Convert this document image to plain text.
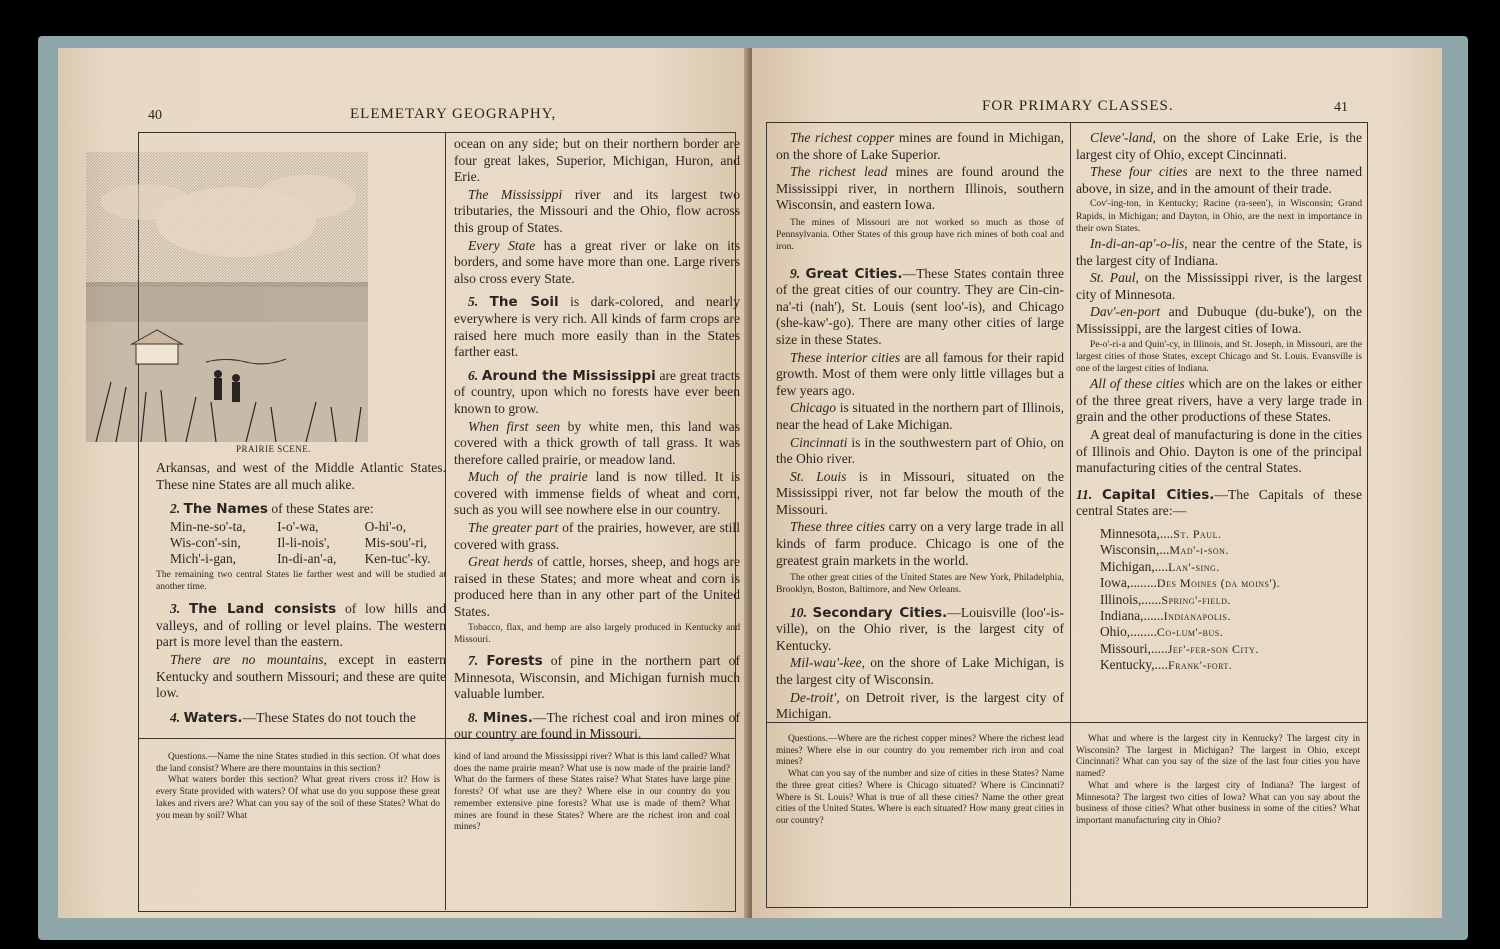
40	ELEMETARY GEOGRAPHY,
PRAIRIE SCENE.

Arkansas, and west of the Middle Atlantic States. These nine States are all much alike.

2. The Names of these States are:

Min-ne-so'-ta,	I-o'-wa,	O-hi'-o,
Wis-con'-sin,	Il-li-nois',	Mis-sou'-ri,
Mich'-i-gan,	In-di-an'-a,	Ken-tuc'-ky.

The remaining two central States lie farther west and will be studied at another time.

3. The Land consists of low hills and valleys, and of rolling or level plains. The western part is more level than the eastern.

There are no mountains, except in eastern Kentucky and southern Missouri; and these are quite low.

4. Waters.—These States do not touch the

ocean on any side; but on their northern border are four great lakes, Superior, Michigan, Huron, and Erie.

The Mississippi river and its largest two tributaries, the Missouri and the Ohio, flow across this group of States.

Every State has a great river or lake on its borders, and some have more than one. Large rivers also cross every State.

5. The Soil is dark-colored, and nearly everywhere is very rich. All kinds of farm crops are raised here much more easily than in the States farther east.

6. Around the Mississippi are great tracts of country, upon which no forests have ever been known to grow.

When first seen by white men, this land was covered with a thick growth of tall grass. It was therefore called prairie, or meadow land.

Much of the prairie land is now tilled. It is covered with immense fields of wheat and corn, such as you will see nowhere else in our country.

The greater part of the prairies, however, are still covered with grass.

Great herds of cattle, horses, sheep, and hogs are raised in these States; and more wheat and corn is produced here than in any other part of the United States.

Tobacco, flax, and hemp are also largely produced in Kentucky and Missouri.

7. Forests of pine in the northern part of Minnesota, Wisconsin, and Michigan furnish much valuable lumber.

8. Mines.—The richest coal and iron mines of our country are found in Missouri.

Questions.—Name the nine States studied in this section. Of what does the land consist? Where are there mountains in this section?

What waters border this section? What great rivers cross it? How is every State provided with waters? Of what use do you suppose these great lakes and rivers are? What can you say of the soil of these States? What do you mean by soil? What

kind of land around the Mississippi river? What is this land called? What does the name prairie mean? What use is now made of the prairie land? What do the farmers of these States raise? What States have large pine forests? Of what use are they? Where else in our country do you remember extensive pine forests? What use is made of them? What mines are found in these States? Where are the richest iron and coal mines?

FOR PRIMARY CLASSES.	41

The richest copper mines are found in Michigan, on the shore of Lake Superior.

The richest lead mines are found around the Mississippi river, in northern Illinois, southern Wisconsin, and eastern Iowa.

The mines of Missouri are not worked so much as those of Pennsylvania. Other States of this group have rich mines of both coal and iron.

9. Great Cities.—These States contain three of the great cities of our country. They are Cin-cin-na'-ti (nah'), St. Louis (sent loo'-is), and Chicago (she-kaw'-go). There are many other cities of large size in these States.

These interior cities are all famous for their rapid growth. Most of them were only little villages but a few years ago.

Chicago is situated in the northern part of Illinois, near the head of Lake Michigan.

Cincinnati is in the southwestern part of Ohio, on the Ohio river.

St. Louis is in Missouri, situated on the Mississippi river, not far below the mouth of the Missouri.

These three cities carry on a very large trade in all kinds of farm produce. Chicago is one of the greatest grain markets in the world.

The other great cities of the United States are New York, Philadelphia, Brooklyn, Boston, Baltimore, and New Orleans.

10. Secondary Cities.—Louisville (loo'-is-ville), on the Ohio river, is the largest city of Kentucky.

Mil-wau'-kee, on the shore of Lake Michigan, is the largest city of Wisconsin.

De-troit', on Detroit river, is the largest city of Michigan.

Cleve'-land, on the shore of Lake Erie, is the largest city of Ohio, except Cincinnati.

These four cities are next to the three named above, in size, and in the amount of their trade.

Cov'-ing-ton, in Kentucky; Racine (ra-seen'), in Wisconsin; Grand Rapids, in Michigan; and Dayton, in Ohio, are the next in importance in their own States.

In-di-an-ap'-o-lis, near the centre of the State, is the largest city of Indiana.

St. Paul, on the Mississippi river, is the largest city of Minnesota.

Dav'-en-port and Dubuque (du-buke'), on the Mississippi, are the largest cities of Iowa.

Pe-o'-ri-a and Quin'-cy, in Illinois, and St. Joseph, in Missouri, are the largest cities of those States, except Chicago and St. Louis. Evansville is one of the largest cities of Indiana.

All of these cities which are on the lakes or either of the three great rivers, have a very large trade in grain and the other productions of these States.

A great deal of manufacturing is done in the cities of Illinois and Ohio. Dayton is one of the principal manufacturing cities of the central States.

11. Capital Cities.—The Capitals of these central States are:—

Minnesota,....St. Paul.
Wisconsin,...Mad'-i-son.
Michigan,....Lan'-sing.
Iowa,........Des Moines (da moins').
Illinois,......Spring'-field.
Indiana,......Indianapolis.
Ohio,........Co-lum'-bus.
Missouri,.....Jef'-fer-son City.
Kentucky,....Frank'-fort.

Questions.—Where are the richest copper mines? Where the richest lead mines? Where else in our country do you remember rich iron and coal mines?

What can you say of the number and size of cities in these States? Name the three great cities? Where is Chicago situated? Where is Cincinnati? Where is St. Louis? What is true of all these cities? Name the other great cities of the United States. Where is each situated? How many great cities in our country?

What and where is the largest city in Kentucky? The largest city in Wisconsin? The largest in Michigan? The largest in Ohio, except Cincinnati? What can you say of the size of the last four cities you have named?

What and where is the largest city of Indiana? The largest of Minnesota? The largest two cities of Iowa? What can you say about the business of those cities? What other business in some of the cities? What important manufacturing city in Ohio?
